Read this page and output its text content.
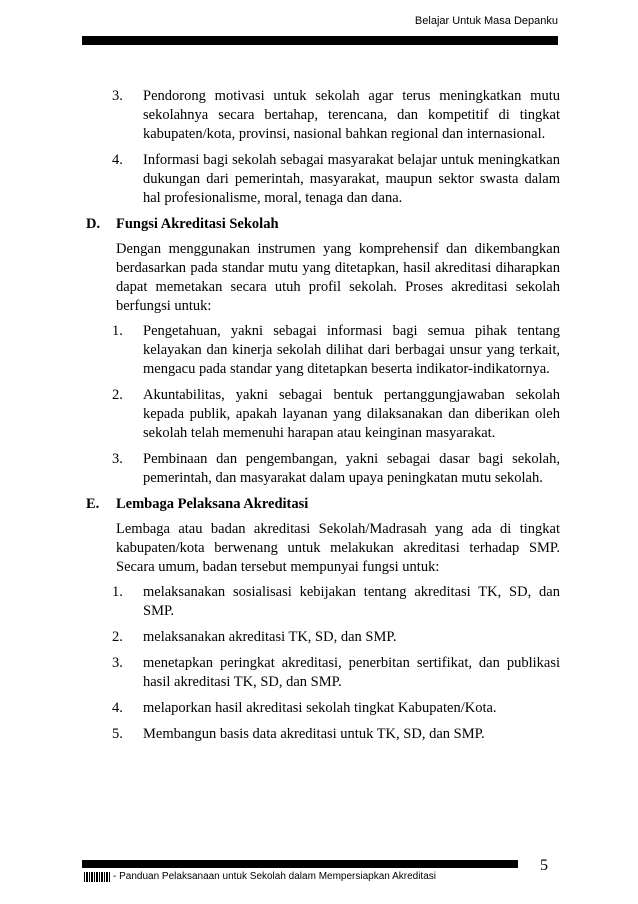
Belajar Untuk Masa Depanku
3. Pendorong motivasi untuk sekolah agar terus meningkatkan mutu sekolahnya secara bertahap, terencana, dan kompetitif di tingkat kabupaten/kota, provinsi, nasional bahkan regional dan internasional.
4. Informasi bagi sekolah sebagai masyarakat belajar untuk meningkatkan dukungan dari pemerintah, masyarakat, maupun sektor swasta dalam hal profesionalisme, moral, tenaga dan dana.
D. Fungsi Akreditasi Sekolah
Dengan menggunakan instrumen yang komprehensif dan dikembangkan berdasarkan pada standar mutu yang ditetapkan, hasil akreditasi diharapkan dapat memetakan secara utuh profil sekolah. Proses akreditasi sekolah berfungsi untuk:
1. Pengetahuan, yakni sebagai informasi bagi semua pihak tentang kelayakan dan kinerja sekolah dilihat dari berbagai unsur yang terkait, mengacu pada standar yang ditetapkan beserta indikator-indikatornya.
2. Akuntabilitas, yakni sebagai bentuk pertanggungjawaban sekolah kepada publik, apakah layanan yang dilaksanakan dan diberikan oleh sekolah telah memenuhi harapan atau keinginan masyarakat.
3. Pembinaan dan pengembangan, yakni sebagai dasar bagi sekolah, pemerintah, dan masyarakat dalam upaya peningkatan mutu sekolah.
E. Lembaga Pelaksana Akreditasi
Lembaga atau badan akreditasi Sekolah/Madrasah yang ada di tingkat kabupaten/kota berwenang untuk melakukan akreditasi terhadap SMP. Secara umum, badan tersebut mempunyai fungsi untuk:
1. melaksanakan sosialisasi kebijakan tentang akreditasi TK, SD, dan SMP.
2. melaksanakan akreditasi TK, SD, dan SMP.
3. menetapkan peringkat akreditasi, penerbitan sertifikat, dan publikasi hasil akreditasi TK, SD, dan SMP.
4. melaporkan hasil akreditasi sekolah tingkat Kabupaten/Kota.
5. Membangun basis data akreditasi untuk TK, SD, dan SMP.
5
- Panduan Pelaksanaan untuk Sekolah dalam Mempersiapkan Akreditasi
